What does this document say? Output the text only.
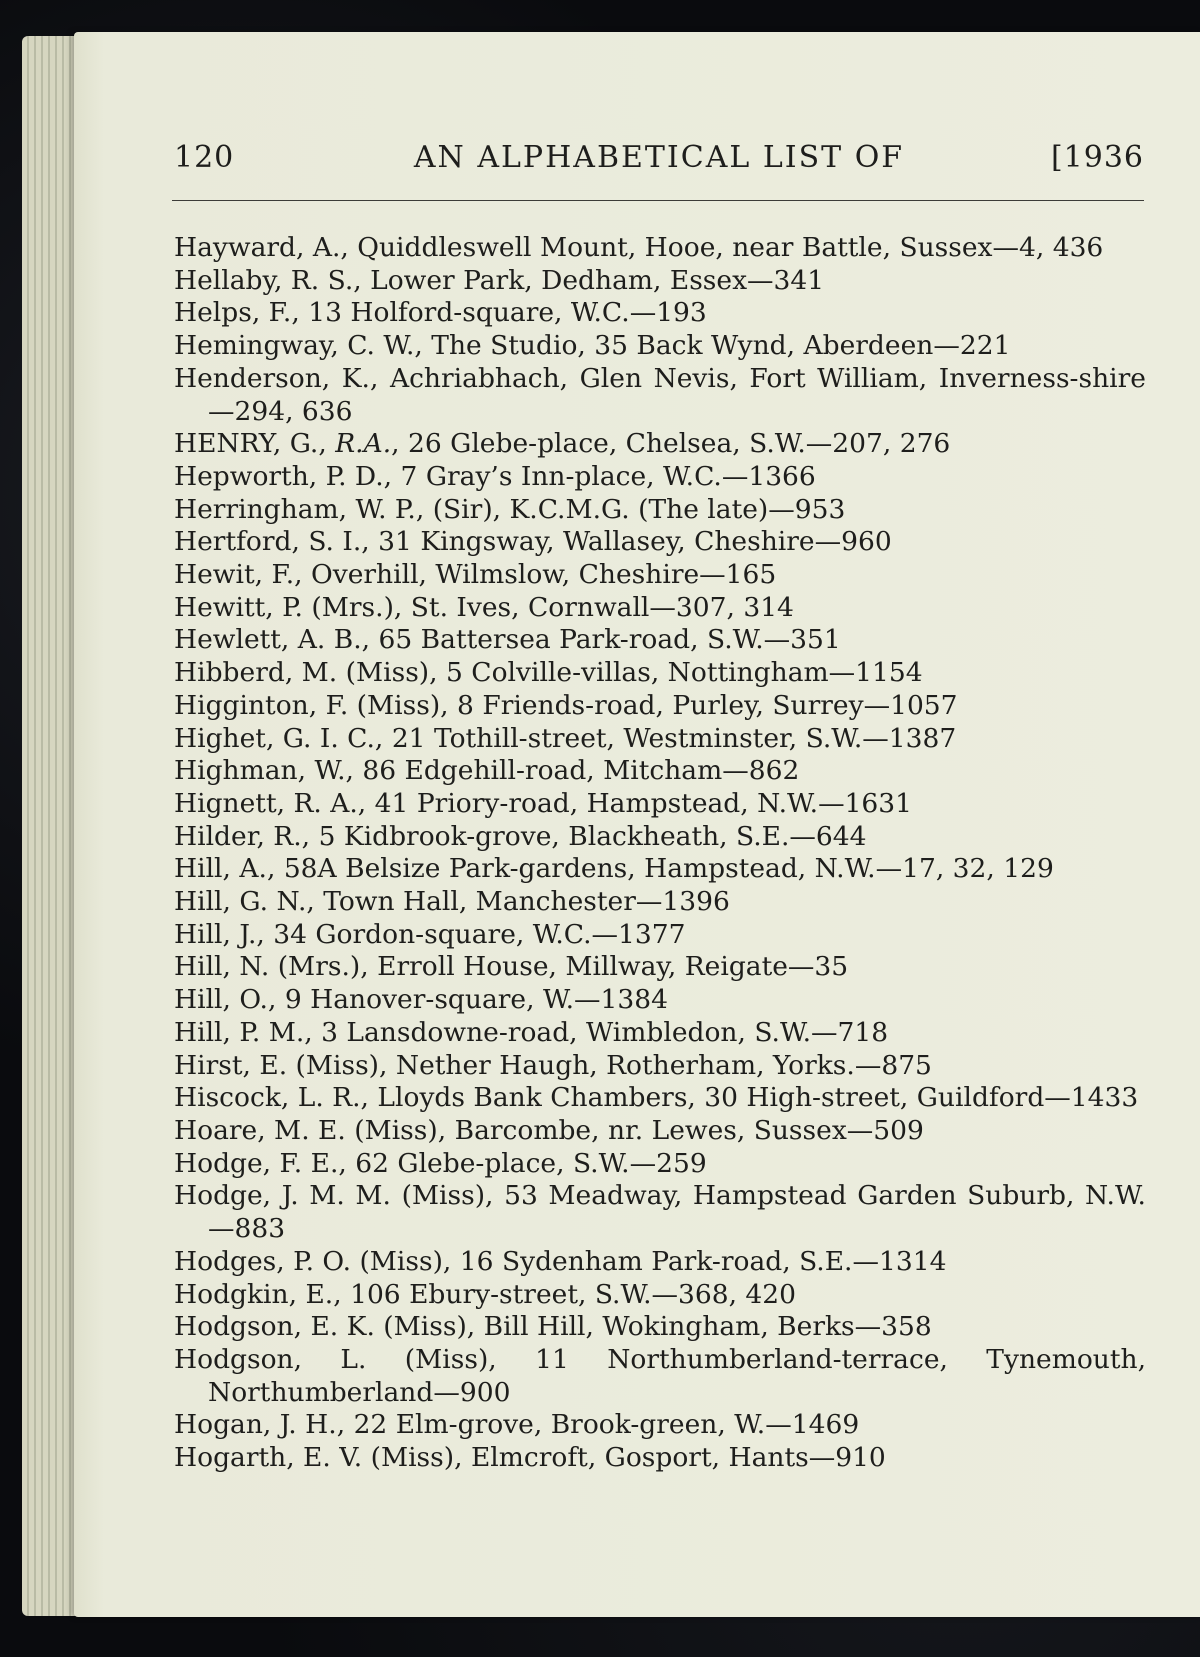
120	AN ALPHABETICAL LIST OF	[1936
Hayward, A., Quiddleswell Mount, Hooe, near Battle, Sussex — 4, 436
Hellaby, R. S., Lower Park, Dedham, Essex — 341
Helps, F., 13 Holford-square, W.C. — 193
Hemingway, C. W., The Studio, 35 Back Wynd, Aberdeen — 221
Henderson, K., Achriabhach, Glen Nevis, Fort William, Inverness-shire— 294, 636
HENRY, G., R.A., 26 Glebe-place, Chelsea, S.W. — 207, 276
Hepworth, P. D., 7 Gray’s Inn-place, W.C. — 1366
Herringham, W. P., (Sir), K.C.M.G. (The late) — 953
Hertford, S. I., 31 Kingsway, Wallasey, Cheshire — 960
Hewit, F., Overhill, Wilmslow, Cheshire — 165
Hewitt, P. (Mrs.), St. Ives, Cornwall — 307, 314
Hewlett, A. B., 65 Battersea Park-road, S.W. — 351
Hibberd, M. (Miss), 5 Colville-villas, Nottingham — 1154
Higginton, F. (Miss), 8 Friends-road, Purley, Surrey — 1057
Highet, G. I. C., 21 Tothill-street, Westminster, S.W. — 1387
Highman, W., 86 Edgehill-road, Mitcham — 862
Hignett, R. A., 41 Priory-road, Hampstead, N.W. — 1631
Hilder, R., 5 Kidbrook-grove, Blackheath, S.E. — 644
Hill, A., 58A Belsize Park-gardens, Hampstead, N.W. — 17, 32, 129
Hill, G. N., Town Hall, Manchester — 1396
Hill, J., 34 Gordon-square, W.C. — 1377
Hill, N. (Mrs.), Erroll House, Millway, Reigate — 35
Hill, O., 9 Hanover-square, W. — 1384
Hill, P. M., 3 Lansdowne-road, Wimbledon, S.W. — 718
Hirst, E. (Miss), Nether Haugh, Rotherham, Yorks. — 875
Hiscock, L. R., Lloyds Bank Chambers, 30 High-street, Guildford— 1433
Hoare, M. E. (Miss), Barcombe, nr. Lewes, Sussex — 509
Hodge, F. E., 62 Glebe-place, S.W. — 259
Hodge, J. M. M. (Miss), 53 Meadway, Hampstead Garden Suburb, N.W.— 883
Hodges, P. O. (Miss), 16 Sydenham Park-road, S.E. — 1314
Hodgkin, E., 106 Ebury-street, S.W. — 368, 420
Hodgson, E. K. (Miss), Bill Hill, Wokingham, Berks — 358
Hodgson, L. (Miss), 11 Northumberland-terrace, Tynemouth, Northumberland — 900
Hogan, J. H., 22 Elm-grove, Brook-green, W. — 1469
Hogarth, E. V. (Miss), Elmcroft, Gosport, Hants — 910
